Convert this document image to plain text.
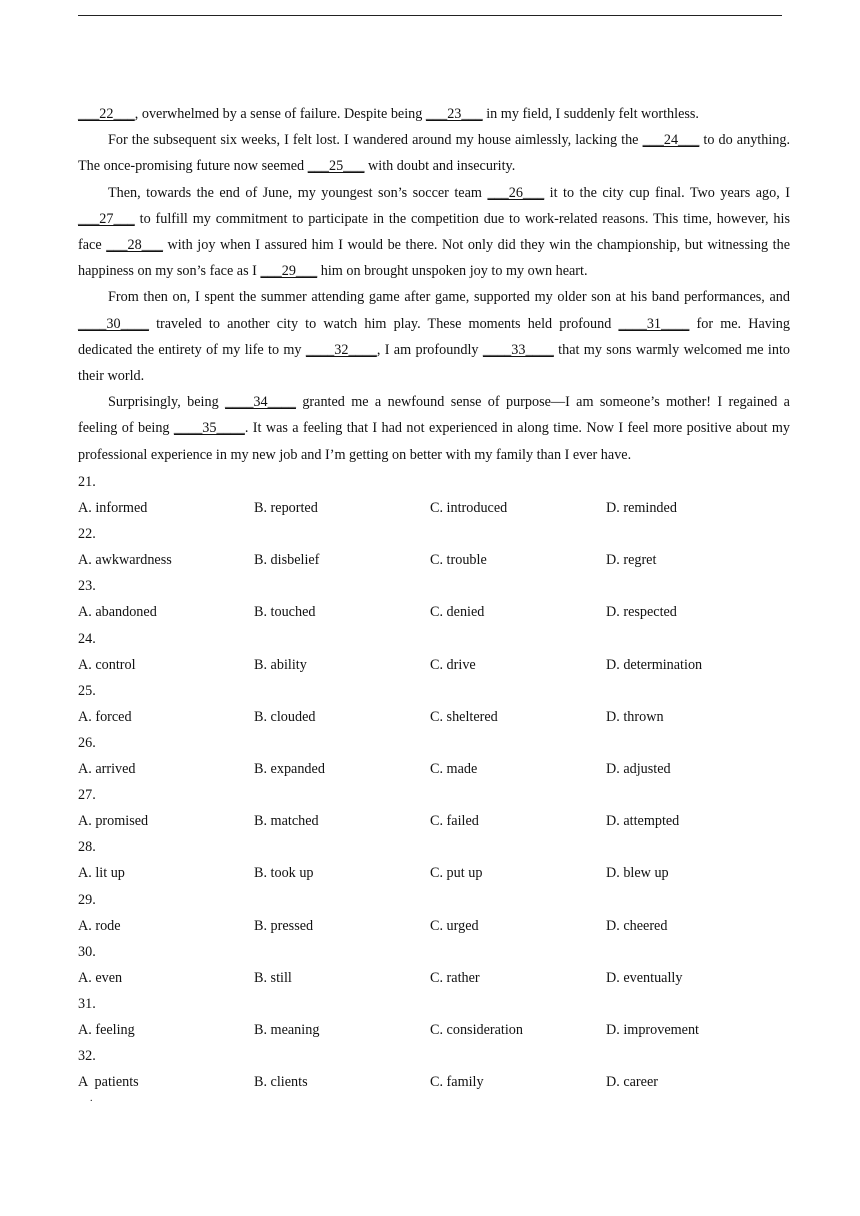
___22___, overwhelmed by a sense of failure. Despite being ___23___ in my field, I suddenly felt worthless.

For the subsequent six weeks, I felt lost. I wandered around my house aimlessly, lacking the ___24___ to do anything. The once-promising future now seemed ___25___ with doubt and insecurity.

Then, towards the end of June, my youngest son’s soccer team ___26___ it to the city cup final. Two years ago, I ___27___ to fulfill my commitment to participate in the competition due to work-related reasons. This time, however, his face ___28___ with joy when I assured him I would be there. Not only did they win the championship, but witnessing the happiness on my son’s face as I ___29___ him on brought unspoken joy to my own heart.

From then on, I spent the summer attending game after game, supported my older son at his band performances, and ____30____ traveled to another city to watch him play. These moments held profound ____31____ for me. Having dedicated the entirety of my life to my ____32____, I am profoundly ____33____ that my sons warmly welcomed me into their world.

Surprisingly, being ____34____ granted me a newfound sense of purpose—I am someone’s mother! I regained a feeling of being ____35____. It was a feeling that I had not experienced in along time. Now I feel more positive about my professional experience in my new job and I’m getting on better with my family than I ever have.

21.
A. informed	B. reported	C. introduced	D. reminded
22.
A. awkwardness	B. disbelief	C. trouble	D. regret
23.
A. abandoned	B. touched	C. denied	D. respected
24.
A. control	B. ability	C. drive	D. determination
25.
A. forced	B. clouded	C. sheltered	D. thrown
26.
A. arrived	B. expanded	C. made	D. adjusted
27.
A. promised	B. matched	C. failed	D. attempted
28.
A. lit up	B. took up	C. put up	D. blew up
29.
A. rode	B. pressed	C. urged	D. cheered
30.
A. even	B. still	C. rather	D. eventually
31.
A. feeling	B. meaning	C. consideration	D. improvement
32.
A  patients	B. clients	C. family	D. career
.
